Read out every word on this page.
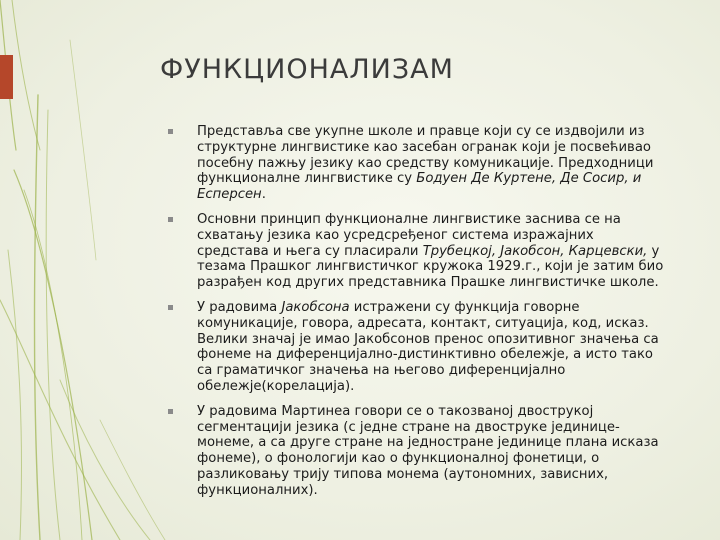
ФУНКЦИОНАЛИЗАМ
Представља све укупне школе и правце који су се издвојили из структурне лингвистике као засебан огранак који је посвећивао посебну пажњу језику као средству комуникације. Предходници функционалне лингвистике су Бодуен Де Куртене, Де Сосир, и Есперсен.
Основни принцип функционалне лингвистике заснива се на схватању језика као усредсређеног система изражајних средстава и њега су пласирали Трубецкој, Јакобсон, Карцевски, у тезама Прашког лингвистичког кружока 1929.г., који је затим био разрађен код других представника Прашке лингвистичке школе.
У радовима Јакобсона истражени су функција говорне комуникације, говора, адресата, контакт, ситуација, код, исказ. Велики значај је имао Јакобсонов пренос опозитивног значења са фонеме на диференцијално-дистинктивно обележје, а исто тако са граматичког значења на његово диференцијално обележје(корелација).
У радовима Мартинеа говори се о такозваној двострукој сегментацији језика (с једне стране на двоструке јединице-монеме, а са друге стране на једностране јединице плана исказа фонеме), о фонологији као о функционалној фонетици, о разликовању трију типова монема (аутономних, зависних, функционалних).
